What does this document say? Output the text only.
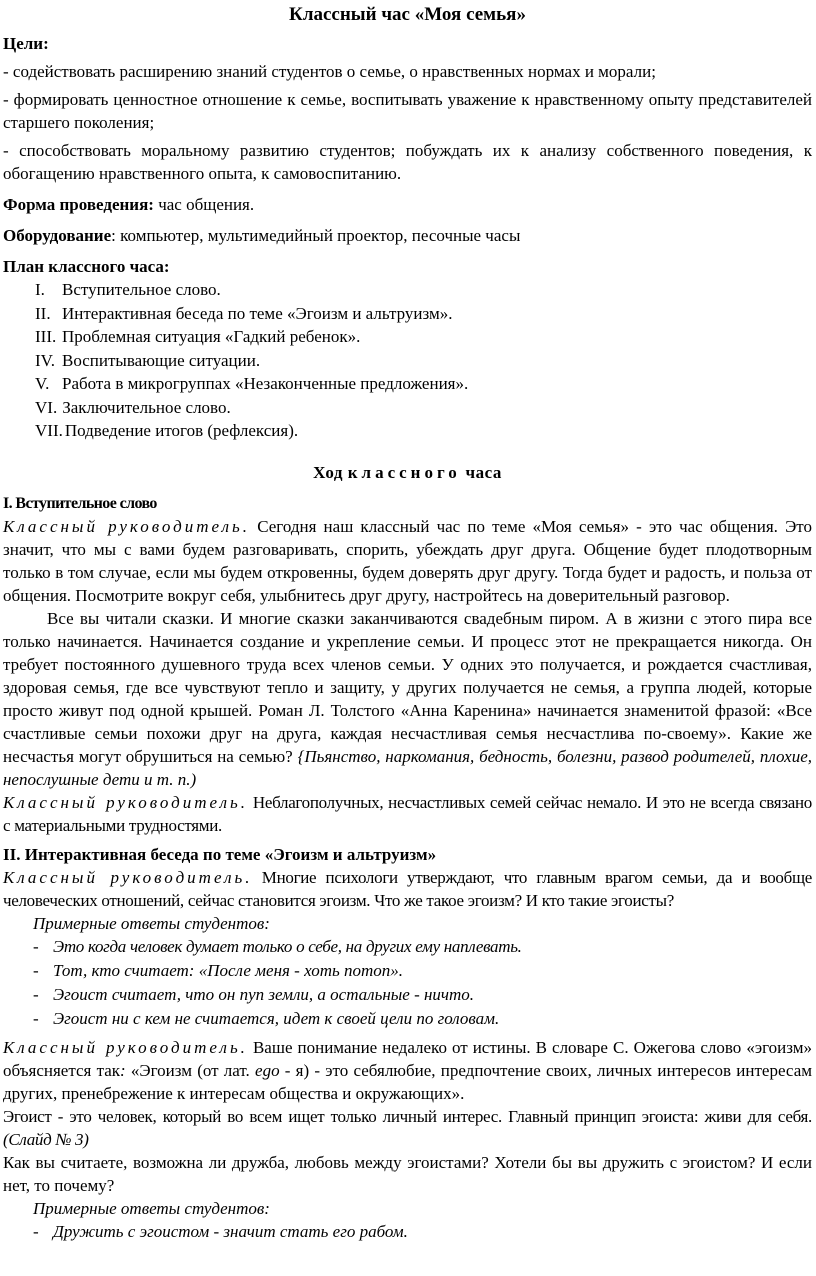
Классный час «Моя семья»

Цели:

- содействовать расширению знаний студентов о семье, о нравственных нормах и морали;

- формировать ценностное отношение к семье, воспитывать уважение к нравственному опыту представителей старшего поколения;

- способствовать моральному развитию студентов; побуждать их к анализу собственного поведения, к обогащению нравственного опыта, к самовоспитанию.

Форма проведения: час общения.

Оборудование: компьютер, мультимедийный проектор, песочные часы

План классного часа:

I.	Вступительное слово.
II. Интерактивная беседа по теме «Эгоизм и альтруизм».
III. Проблемная ситуация «Гадкий ребенок».
IV. Воспитывающие ситуации.
V. Работа в микрогруппах «Незаконченные предложения».
VI. Заключительное слово.
VII. Подведение итогов (рефлексия).

Ход классного часа

I. Вступительное слово

Классный руководитель. Сегодня наш классный час по теме «Моя семья» - это час общения. Это значит, что мы с вами будем разговаривать, спорить, убеждать друг друга. Общение будет плодотворным только в том случае, если мы будем откровенны, будем доверять друг другу. Тогда будет и радость, и польза от общения. Посмотрите вокруг себя, улыбнитесь друг другу, настройтесь на доверительный разговор.

Все вы читали сказки. И многие сказки заканчиваются свадебным пиром. А в жизни с этого пира все только начинается. Начинается создание и укрепление семьи. И процесс этот не прекращается никогда. Он требует постоянного душевного труда всех членов семьи. У одних это получается, и рождается счастливая, здоровая семья, где все чувствуют тепло и защиту, у других получается не семья, а группа людей, которые просто живут под одной крышей. Роман Л. Толстого «Анна Каренина» начинается знаменитой фразой: «Все счастливые семьи похожи друг на друга, каждая несчастливая семья несчастлива по-своему». Какие же несчастья могут обрушиться на семью? {Пьянство, наркомания, бедность, болезни, развод родителей, плохие, непослушные дети и т. п.)

Классный руководитель. Неблагополучных, несчастливых семей сейчас немало. И это не всегда связано с материальными трудностями.

II. Интерактивная беседа по теме «Эгоизм и альтруизм»

Классный руководитель. Многие психологи утверждают, что главным врагом семьи, да и вообще человеческих отношений, сейчас становится эгоизм. Что же такое эгоизм? И кто такие эгоисты?

Примерные ответы студентов:

- Это когда человек думает только о себе, на других ему наплевать.
- Тот, кто считает: «После меня - хоть потоп».
- Эгоист считает, что он пуп земли, а остальные - ничто.
- Эгоист ни с кем не считается, идет к своей цели по головам.

Классный руководитель. Ваше понимание недалеко от истины. В словаре С. Ожегова слово «эгоизм» объясняется так: «Эгоизм (от лат. ego - я) - это себялюбие, предпочтение своих, личных интересов интересам других, пренебрежение к интересам общества и окружающих».

Эгоист - это человек, который во всем ищет только личный интерес. Главный принцип эгоиста: живи для себя. (Слайд № 3)

Как вы считаете, возможна ли дружба, любовь между эгоистами? Хотели бы вы дружить с эгоистом? И если нет, то почему?

Примерные ответы студентов:

- Дружить с эгоистом - значит стать его рабом.
